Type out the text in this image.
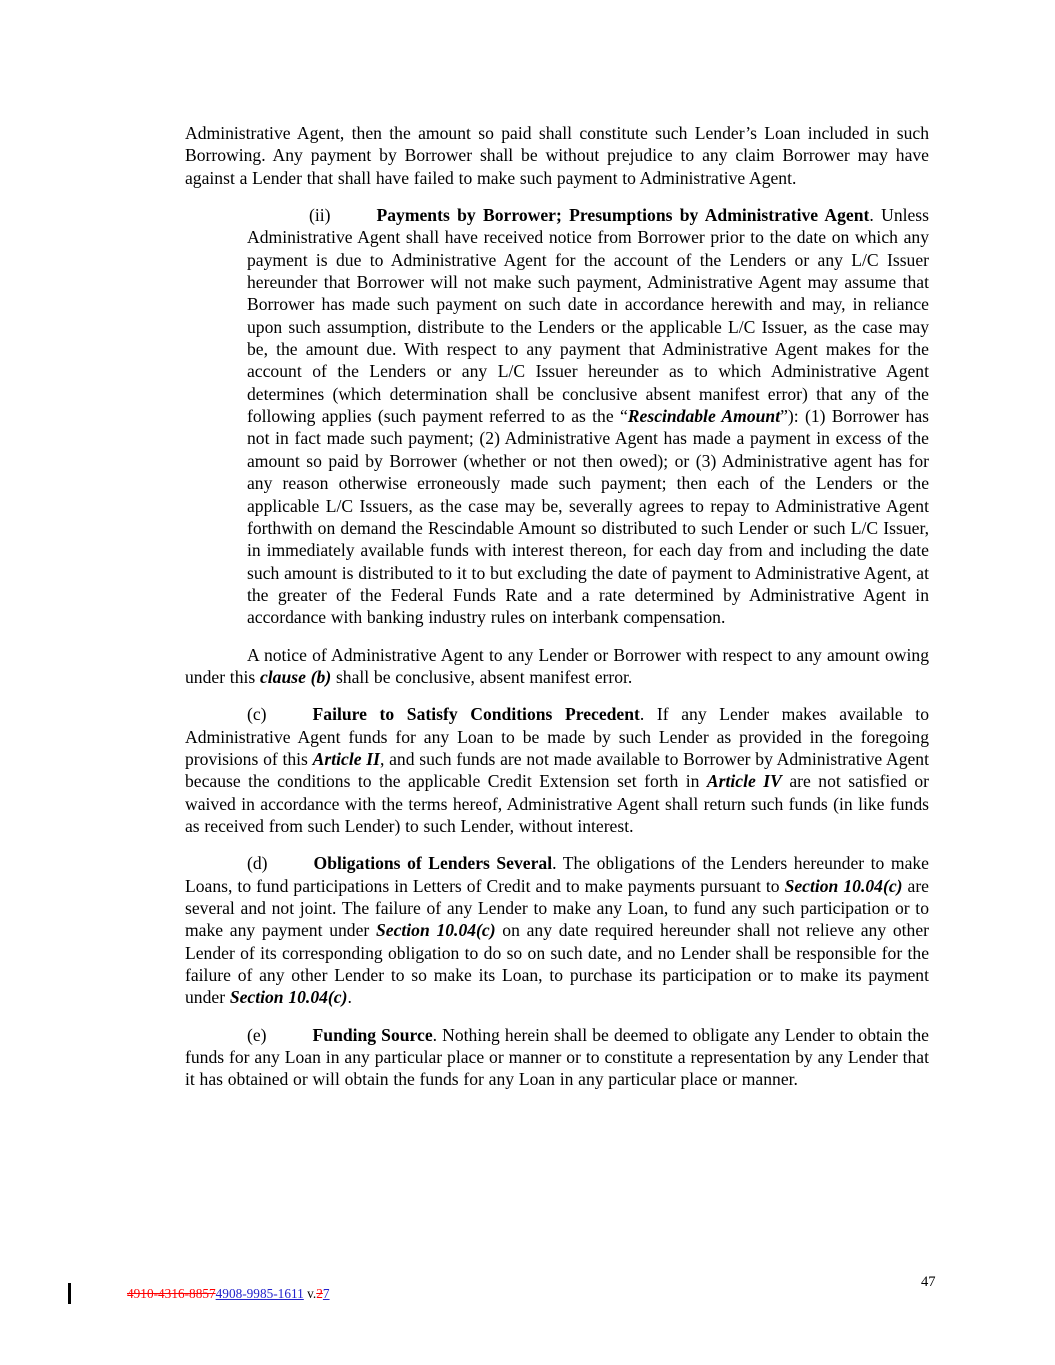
Administrative Agent, then the amount so paid shall constitute such Lender’s Loan included in such Borrowing. Any payment by Borrower shall be without prejudice to any claim Borrower may have against a Lender that shall have failed to make such payment to Administrative Agent.

(ii)	Payments by Borrower; Presumptions by Administrative Agent. Unless Administrative Agent shall have received notice from Borrower prior to the date on which any payment is due to Administrative Agent for the account of the Lenders or any L/C Issuer hereunder that Borrower will not make such payment, Administrative Agent may assume that Borrower has made such payment on such date in accordance herewith and may, in reliance upon such assumption, distribute to the Lenders or the applicable L/C Issuer, as the case may be, the amount due. With respect to any payment that Administrative Agent makes for the account of the Lenders or any L/C Issuer hereunder as to which Administrative Agent determines (which determination shall be conclusive absent manifest error) that any of the following applies (such payment referred to as the “Rescindable Amount”): (1) Borrower has not in fact made such payment; (2) Administrative Agent has made a payment in excess of the amount so paid by Borrower (whether or not then owed); or (3) Administrative agent has for any reason otherwise erroneously made such payment; then each of the Lenders or the applicable L/C Issuers, as the case may be, severally agrees to repay to Administrative Agent forthwith on demand the Rescindable Amount so distributed to such Lender or such L/C Issuer, in immediately available funds with interest thereon, for each day from and including the date such amount is distributed to it to but excluding the date of payment to Administrative Agent, at the greater of the Federal Funds Rate and a rate determined by Administrative Agent in accordance with banking industry rules on interbank compensation.

A notice of Administrative Agent to any Lender or Borrower with respect to any amount owing under this clause (b) shall be conclusive, absent manifest error.

(c)	Failure to Satisfy Conditions Precedent. If any Lender makes available to Administrative Agent funds for any Loan to be made by such Lender as provided in the foregoing provisions of this Article II, and such funds are not made available to Borrower by Administrative Agent because the conditions to the applicable Credit Extension set forth in Article IV are not satisfied or waived in accordance with the terms hereof, Administrative Agent shall return such funds (in like funds as received from such Lender) to such Lender, without interest.

(d)	Obligations of Lenders Several. The obligations of the Lenders hereunder to make Loans, to fund participations in Letters of Credit and to make payments pursuant to Section 10.04(c) are several and not joint. The failure of any Lender to make any Loan, to fund any such participation or to make any payment under Section 10.04(c) on any date required hereunder shall not relieve any other Lender of its corresponding obligation to do so on such date, and no Lender shall be responsible for the failure of any other Lender to so make its Loan, to purchase its participation or to make its payment under Section 10.04(c).

(e)	Funding Source. Nothing herein shall be deemed to obligate any Lender to obtain the funds for any Loan in any particular place or manner or to constitute a representation by any Lender that it has obtained or will obtain the funds for any Loan in any particular place or manner.

4910-4316-88574908-9985-1611 v.27
47
